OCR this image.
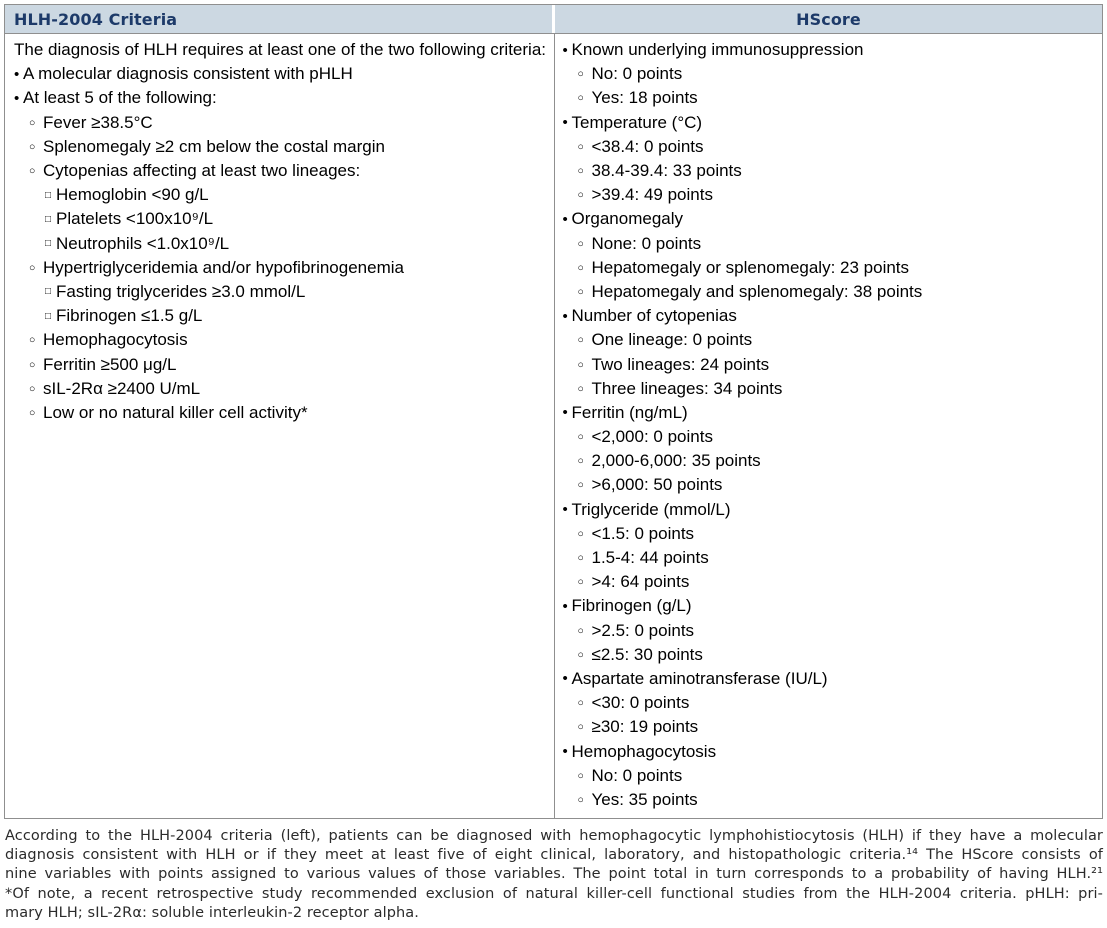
HLH-2004 Criteria	HScore
The diagnosis of HLH requires at least one of the two following criteria:
• A molecular diagnosis consistent with pHLH
• At least 5 of the following:
○ Fever ≥38.5°C
○ Splenomegaly ≥2 cm below the costal margin
○ Cytopenias affecting at least two lineages:
□ Hemoglobin <90 g/L
□ Platelets <100x10⁹/L
□ Neutrophils <1.0x10⁹/L
○ Hypertriglyceridemia and/or hypofibrinogenemia
□ Fasting triglycerides ≥3.0 mmol/L
□ Fibrinogen ≤1.5 g/L
○ Hemophagocytosis
○ Ferritin ≥500 μg/L
○ sIL-2Rα ≥2400 U/mL
○ Low or no natural killer cell activity*
• Known underlying immunosuppression
○ No: 0 points
○ Yes: 18 points
• Temperature (°C)
○ <38.4: 0 points
○ 38.4-39.4: 33 points
○ >39.4: 49 points
• Organomegaly
○ None: 0 points
○ Hepatomegaly or splenomegaly: 23 points
○ Hepatomegaly and splenomegaly: 38 points
• Number of cytopenias
○ One lineage: 0 points
○ Two lineages: 24 points
○ Three lineages: 34 points
• Ferritin (ng/mL)
○ <2,000: 0 points
○ 2,000-6,000: 35 points
○ >6,000: 50 points
• Triglyceride (mmol/L)
○ <1.5: 0 points
○ 1.5-4: 44 points
○ >4: 64 points
• Fibrinogen (g/L)
○ >2.5: 0 points
○ ≤2.5: 30 points
• Aspartate aminotransferase (IU/L)
○ <30: 0 points
○ ≥30: 19 points
• Hemophagocytosis
○ No: 0 points
○ Yes: 35 points
According to the HLH-2004 criteria (left), patients can be diagnosed with hemophagocytic lymphohistiocytosis (HLH) if they have a molecular
diagnosis consistent with HLH or if they meet at least five of eight clinical, laboratory, and histopathologic criteria.¹⁴ The HScore consists of
nine variables with points assigned to various values of those variables. The point total in turn corresponds to a probability of having HLH.²¹
*Of note, a recent retrospective study recommended exclusion of natural killer-cell functional studies from the HLH-2004 criteria. pHLH: pri-
mary HLH; sIL-2Rα: soluble interleukin-2 receptor alpha.
